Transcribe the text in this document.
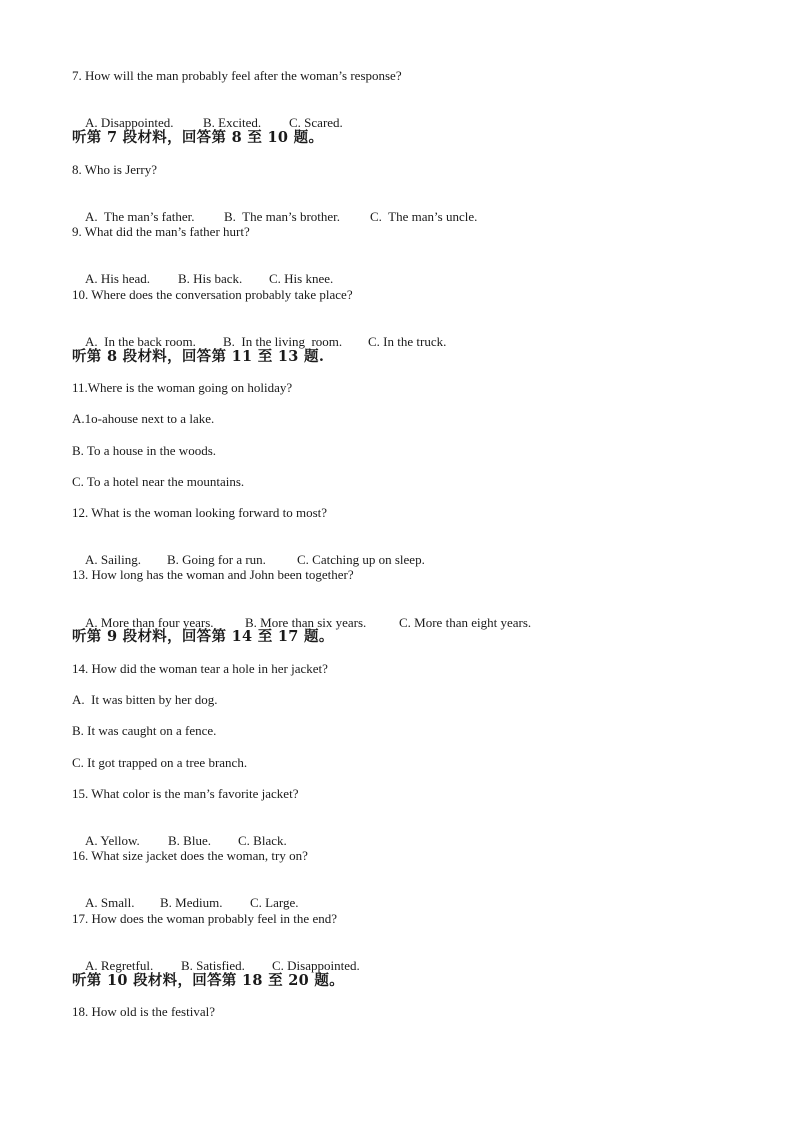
7. How will the man probably feel after the woman’s response?

A. Disappointed. B. Excited. C. Scared.

听第 7 段材料，回答第 8 至 10 题。
8. Who is Jerry?

A.  The man’s father. B.  The man’s brother. C.  The man’s uncle.

9. What did the man’s father hurt?

A. His head. B. His back. C. His knee.

10. Where does the conversation probably take place?

A.  In the back room. B.  In the living  room. C. In the truck.

听第 8 段材料，回答第 11 至 13 题.
11.Where is the woman going on holiday?
A.1o-ahouse next to a lake.
B. To a house in the woods.
C. To a hotel near the mountains.
12. What is the woman looking forward to most?

A. Sailing. B. Going for a run. C. Catching up on sleep.

13. How long has the woman and John been together?

A. More than four years. B. More than six years.	C. More than eight years.

听第 9 段材料，回答第 14 至 17 题。
14. How did the woman tear a hole in her jacket?
A.  It was bitten by her dog.
B. It was caught on a fence.
C. It got trapped on a tree branch.
15. What color is the man’s favorite jacket?

A. Yellow. B. Blue. C. Black.

16. What size jacket does the woman, try on?

A. Small. B. Medium. C. Large.

17. How does the woman probably feel in the end?

A. Regretful. B. Satisfied. C. Disappointed.

听第 10 段材料，回答第 18 至 20 题。
18. How old is the festival?
